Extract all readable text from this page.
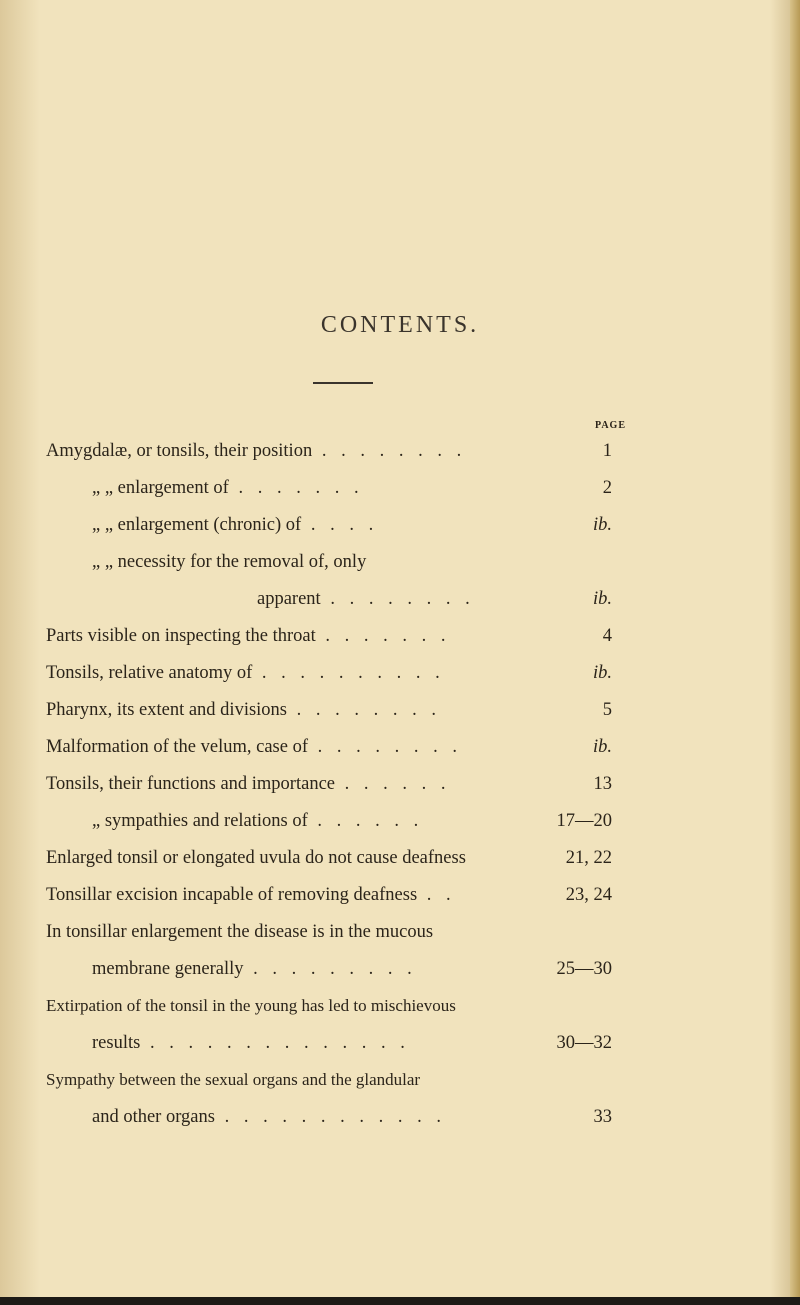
CONTENTS.
PAGE
Amygdalæ, or tonsils, their position . . . . . . . .	1
„ „ enlargement of . . . . . . .	2
„ „ enlargement (chronic) of . . . .	ib.
„ „ necessity for the removal of, only
apparent . . . . . . . .	ib.
Parts visible on inspecting the throat . . . . . . .	4
Tonsils, relative anatomy of . . . . . . . . . .	ib.
Pharynx, its extent and divisions . . . . . . . .	5
Malformation of the velum, case of . . . . . . . .	ib.
Tonsils, their functions and importance . . . . . .	13
„ sympathies and relations of . . . . . .	17—20
Enlarged tonsil or elongated uvula do not cause deafness	21, 22
Tonsillar excision incapable of removing deafness . .	23, 24
In tonsillar enlargement the disease is in the mucous
membrane generally . . . . . . . . .	25—30
Extirpation of the tonsil in the young has led to mischievous
results . . . . . . . . . . . . . .	30—32
Sympathy between the sexual organs and the glandular
and other organs . . . . . . . . . . . .	33
